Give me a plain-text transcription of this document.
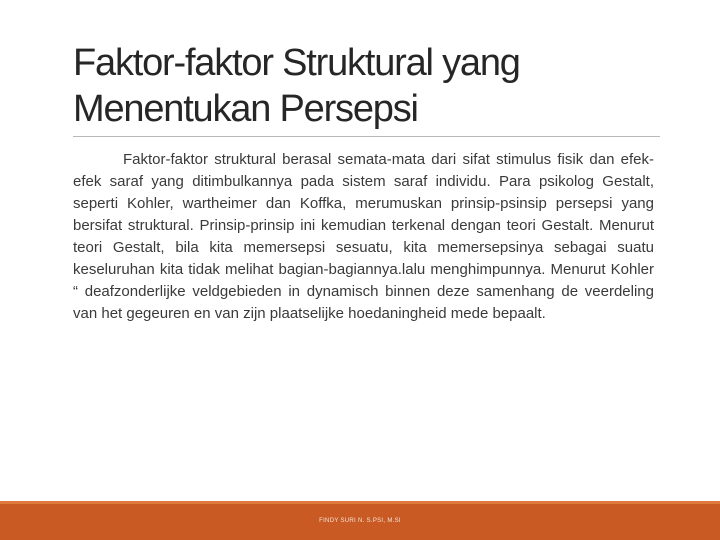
Faktor-faktor Struktural yang Menentukan Persepsi

Faktor-faktor struktural berasal semata-mata dari sifat stimulus fisik dan efek-efek saraf yang ditimbulkannya pada sistem saraf individu. Para psikolog Gestalt, seperti Kohler, wartheimer dan Koffka, merumuskan prinsip-psinsip persepsi yang bersifat struktural. Prinsip-prinsip ini kemudian terkenal dengan teori Gestalt. Menurut teori Gestalt, bila kita memersepsi sesuatu, kita memersepsinya sebagai suatu keseluruhan kita tidak melihat bagian-bagiannya.lalu menghimpunnya. Menurut Kohler “ deafzonderlijke veldgebieden in dynamisch binnen deze samenhang de veerdeling van het gegeuren en van zijn plaatselijke hoedaningheid mede bepaalt.

FINDY SURI N. S.PSI, M.SI
